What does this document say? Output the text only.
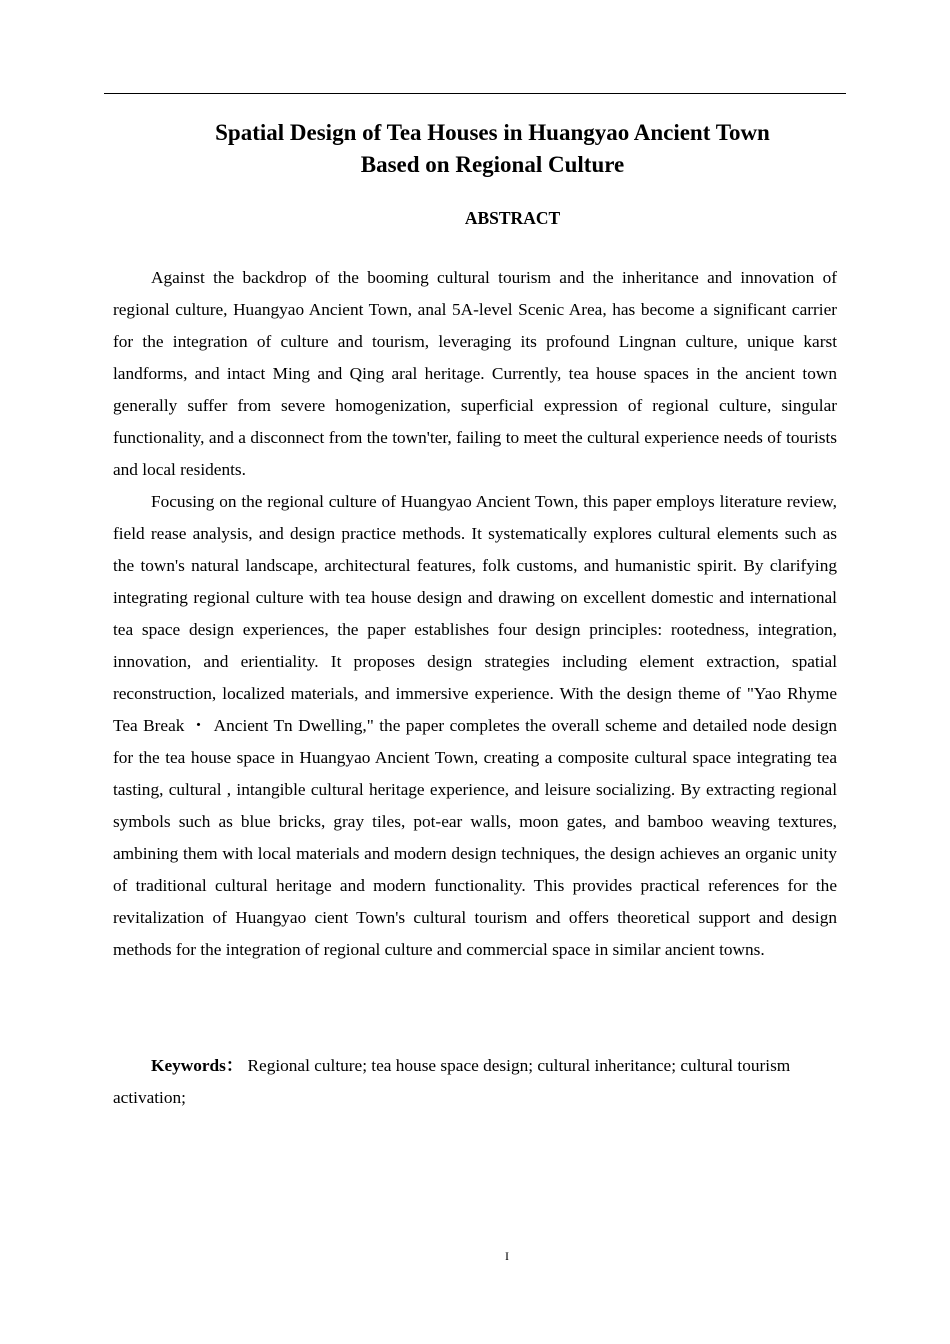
Spatial Design of Tea Houses in Huangyao Ancient Town
Based on Regional Culture
ABSTRACT

Against the backdrop of the booming cultural tourism and the inheritance and innovation of regional culture, Huangyao Ancient Town, anal 5A-level Scenic Area, has become a significant carrier for the integration of culture and tourism, leveraging its profound Lingnan culture, unique karst landforms, and intact Ming and Qing aral heritage. Currently, tea house spaces in the ancient town generally suffer from severe homogenization, superficial expression of regional culture, singular functionality, and a disconnect from the town'ter, failing to meet the cultural experience needs of tourists and local residents.

Focusing on the regional culture of Huangyao Ancient Town, this paper employs literature review, field rease analysis, and design practice methods. It systematically explores cultural elements such as the town's natural landscape, architectural features, folk customs, and humanistic spirit. By clarifying integrating regional culture with tea house design and drawing on excellent domestic and international tea space design experiences, the paper establishes four design principles: rootedness, integration, innovation, and erientiality. It proposes design strategies including element extraction, spatial reconstruction, localized materials, and immersive experience. With the design theme of "Yao Rhyme Tea Break ・ Ancient Tn Dwelling," the paper completes the overall scheme and detailed node design for the tea house space in Huangyao Ancient Town, creating a composite cultural space integrating tea tasting, cultural , intangible cultural heritage experience, and leisure socializing. By extracting regional symbols such as blue bricks, gray tiles, pot-ear walls, moon gates, and bamboo weaving textures, ambining them with local materials and modern design techniques, the design achieves an organic unity of traditional cultural heritage and modern functionality. This provides practical references for the revitalization of Huangyao cient Town's cultural tourism and offers theoretical support and design methods for the integration of regional culture and commercial space in similar ancient towns.

Keywords： Regional culture; tea house space design; cultural inheritance; cultural tourism activation;
I
